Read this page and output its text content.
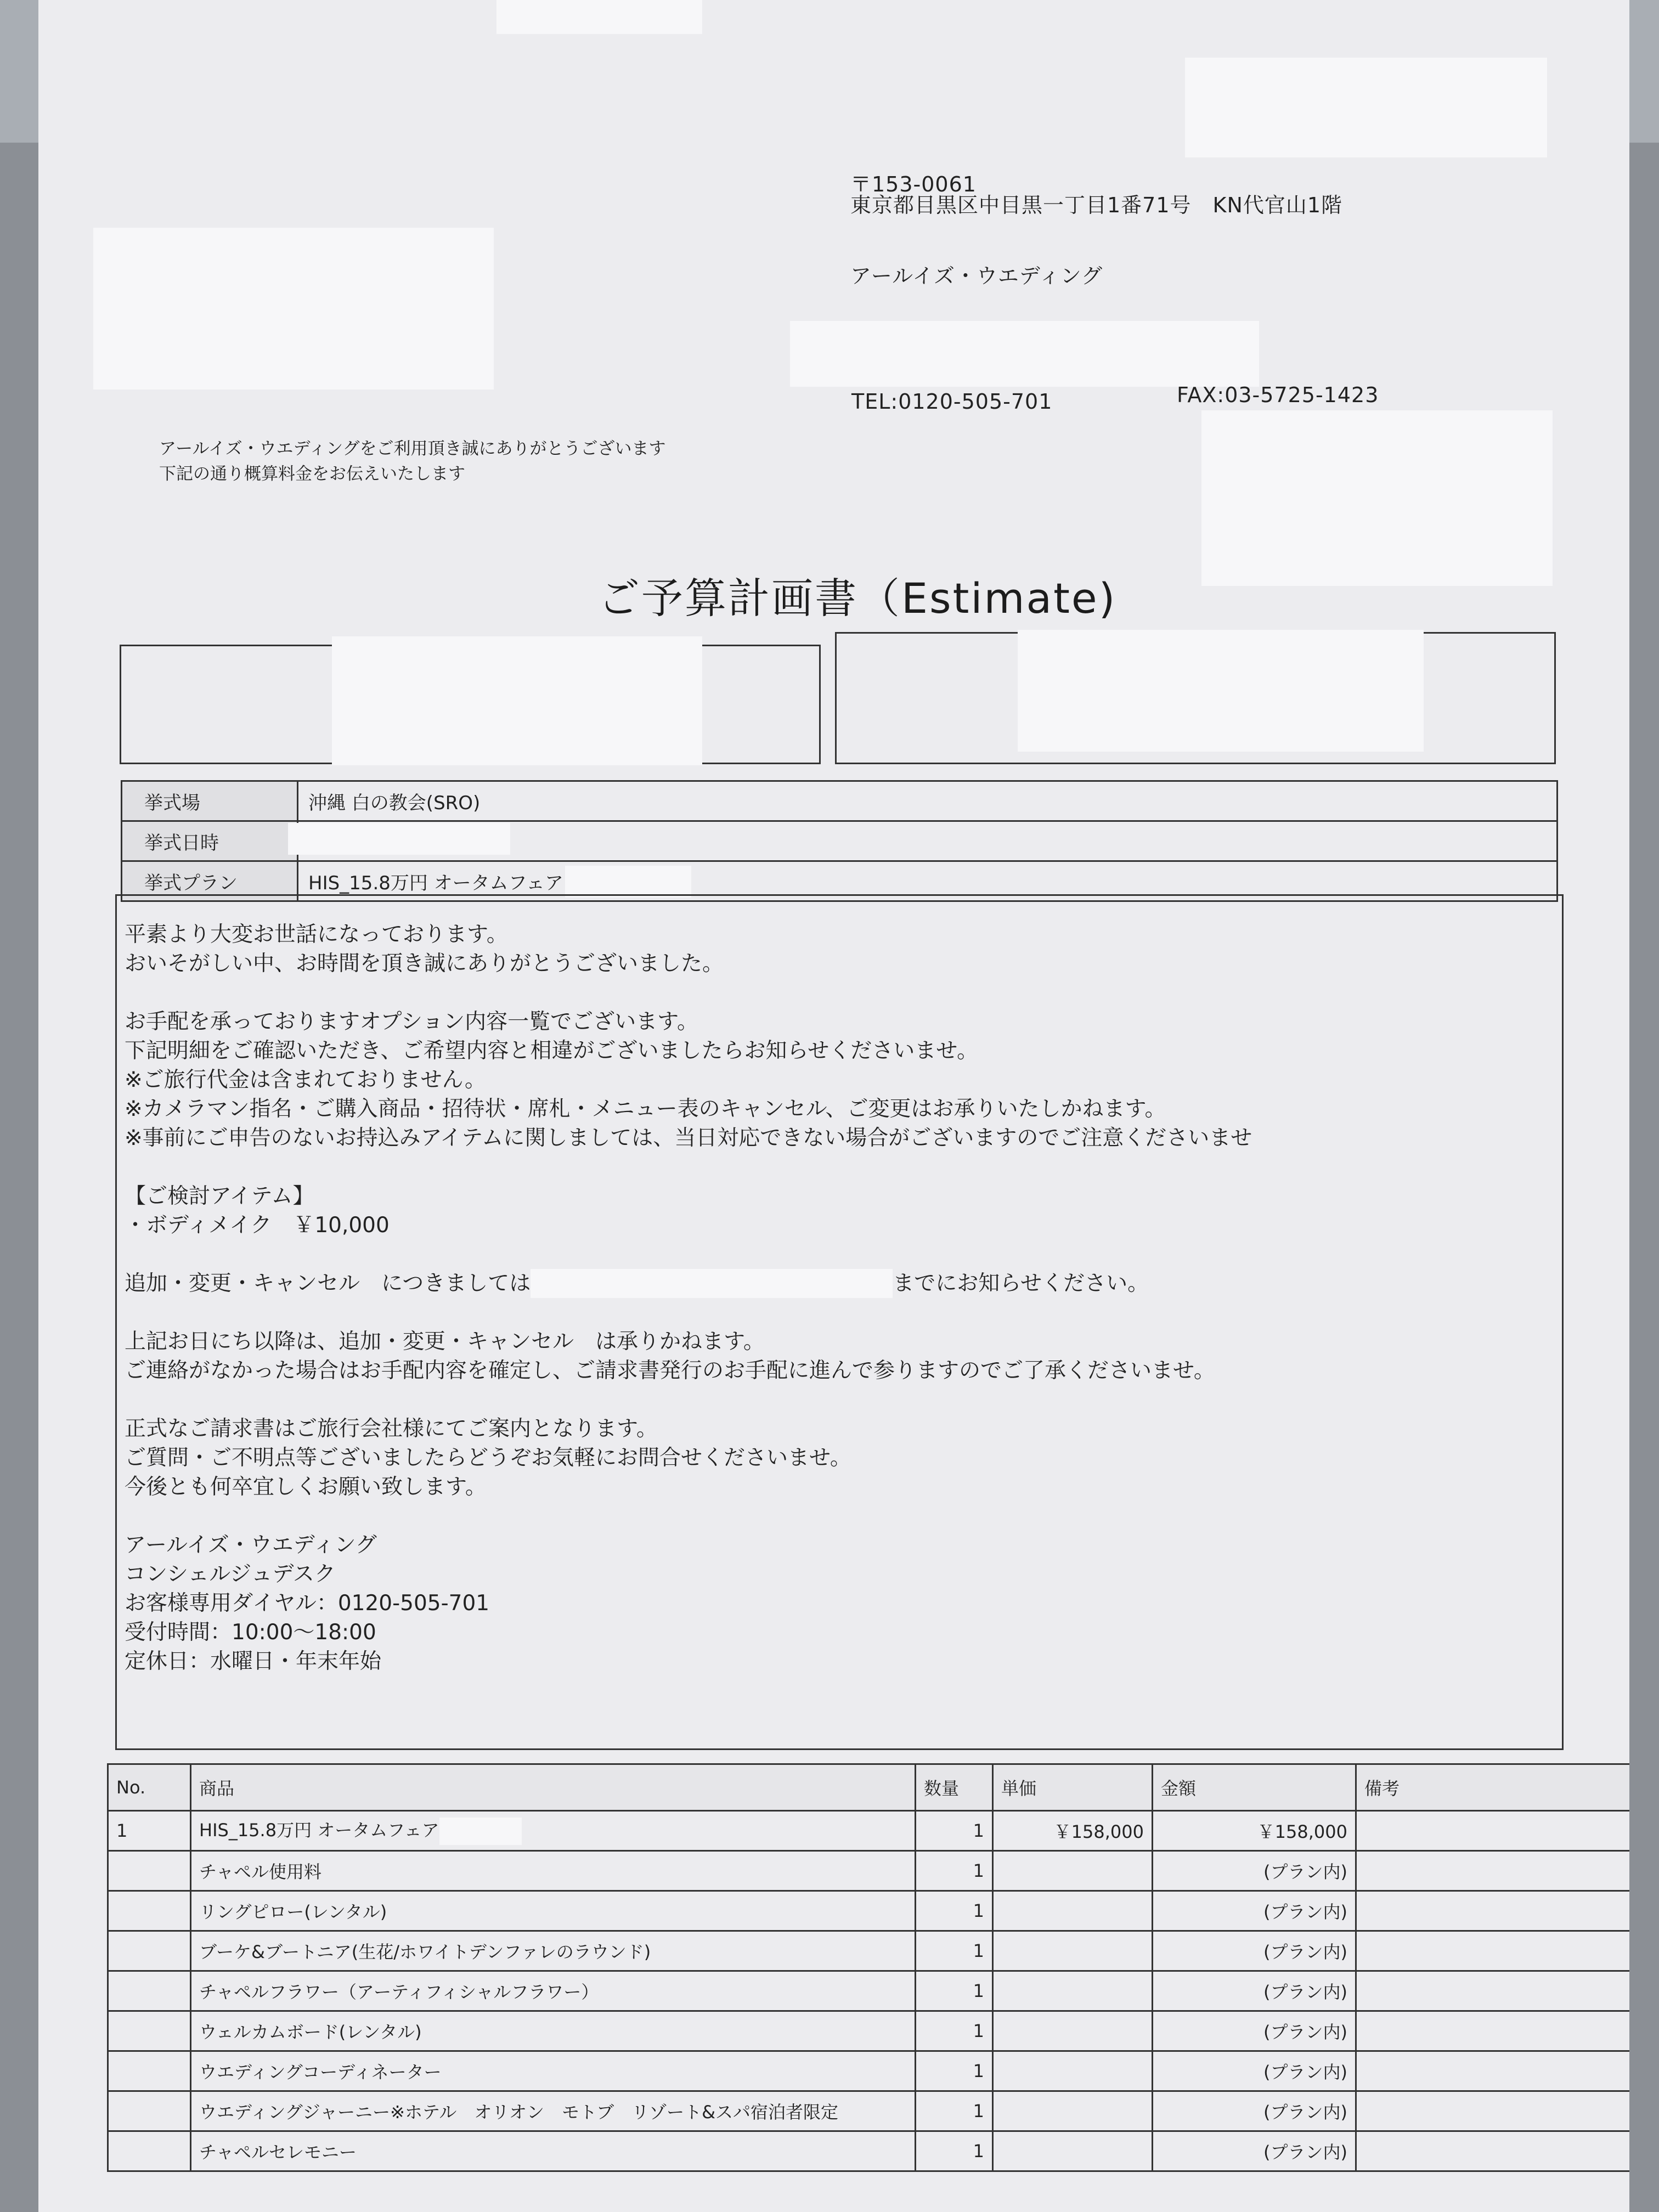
〒153-0061
東京都目黒区中目黒一丁目1番71号　KN代官山1階
アールイズ・ウエディング
TEL:0120-505-701	FAX:03-5725-1423
アールイズ・ウエディングをご利用頂き誠にありがとうございます
下記の通り概算料金をお伝えいたします
ご予算計画書（Estimate)
挙式場	沖縄 白の教会(SRO)
挙式日時	
挙式プラン	HIS_15.8万円 オータムフェア
平素より大変お世話になっております。
おいそがしい中、お時間を頂き誠にありがとうございました。
お手配を承っておりますオプション内容一覧でございます。
下記明細をご確認いただき、ご希望内容と相違がございましたらお知らせくださいませ。
※ご旅行代金は含まれておりません。
※カメラマン指名・ご購入商品・招待状・席札・メニュー表のキャンセル、ご変更はお承りいたしかねます。
※事前にご申告のないお持込みアイテムに関しましては、当日対応できない場合がございますのでご注意くださいませ
【ご検討アイテム】
・ボディメイク　￥10,000
追加・変更・キャンセル　につきましては	までにお知らせください。
上記お日にち以降は、追加・変更・キャンセル　は承りかねます。
ご連絡がなかった場合はお手配内容を確定し、ご請求書発行のお手配に進んで参りますのでご了承くださいませ。
正式なご請求書はご旅行会社様にてご案内となります。
ご質問・ご不明点等ございましたらどうぞお気軽にお問合せくださいませ。
今後とも何卒宜しくお願い致します。
アールイズ・ウエディング
コンシェルジュデスク
お客様専用ダイヤル：0120-505-701
受付時間：10:00〜18:00
定休日：水曜日・年末年始
No.	商品	数量	単価	金額	備考
1	HIS_15.8万円 オータムフェア	1	￥158,000	￥158,000	
	チャペル使用料	1		(プラン内)	
	リングピロー(レンタル)	1		(プラン内)	
	ブーケ&ブートニア(生花/ホワイトデンファレのラウンド)	1		(プラン内)	
	チャペルフラワー（アーティフィシャルフラワー）	1		(プラン内)	
	ウェルカムボード(レンタル)	1		(プラン内)	
	ウエディングコーディネーター	1		(プラン内)	
	ウエディングジャーニー※ホテル　オリオン　モトブ　リゾート&スパ宿泊者限定	1		(プラン内)	
	チャペルセレモニー	1		(プラン内)	
